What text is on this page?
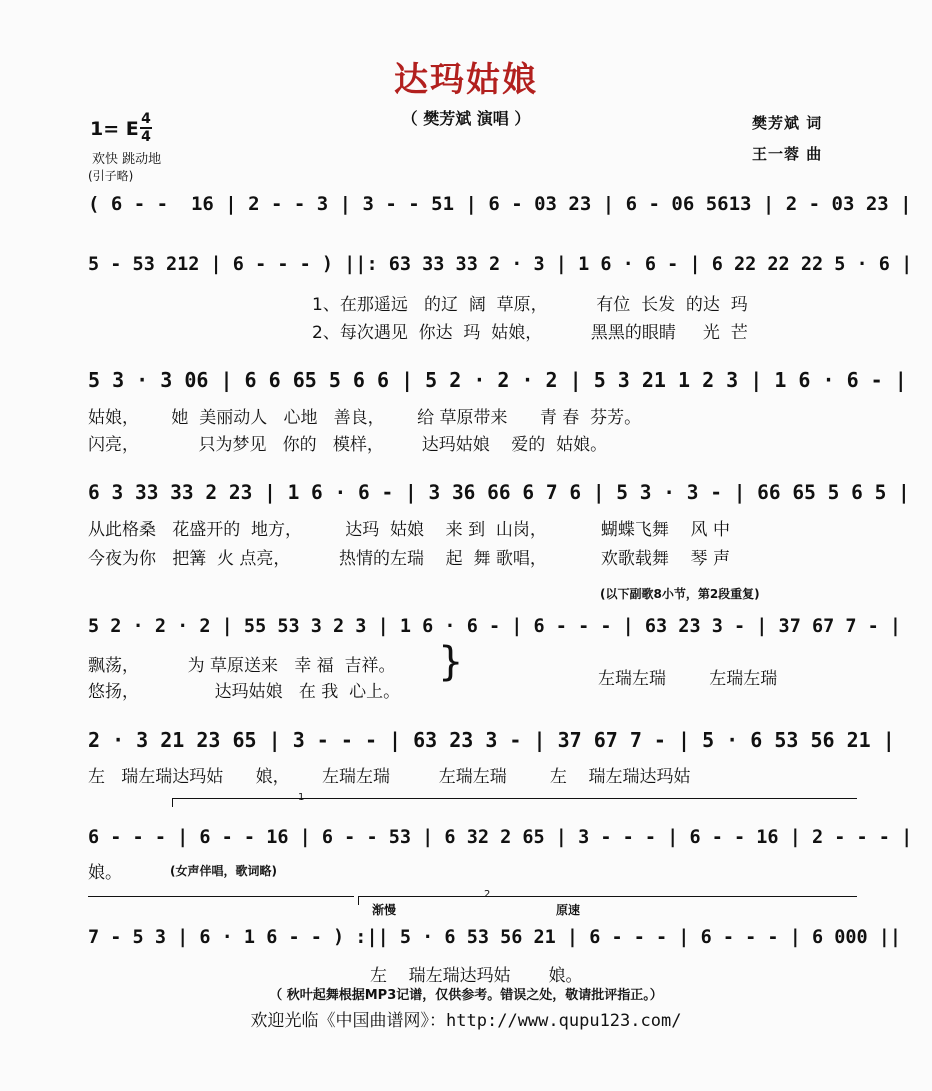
达玛姑娘
（ 樊芳斌 演唱 ）
1= E 4
4
欢快 跳动地
(引子略)
樊芳斌 词
王一蓉 曲
( 6 - -  16 | 2 - - 3 | 3 - - 51 | 6 - 03 23 | 6 - 06 5613 | 2 - 03 23 |
5 - 53 212 | 6 - - - ) ||: 63 33 33 2 · 3 | 1 6 · 6 - | 6 22 22 22 5 · 6 |
1、在那遥远   的辽  阔  草原，         有位  长发  的达  玛
2、每次遇见  你达  玛  姑娘，         黑黑的眼睛     光  芒
5 3 · 3 06 | 6 6 65 5 6 6 | 5 2 · 2 · 2 | 5 3 21 1 2 3 | 1 6 · 6 - |
姑娘，      她  美丽动人   心地   善良，      给 草原带来      青 春  芬芳。
闪亮，           只为梦见   你的   模样，       达玛姑娘    爱的  姑娘。
6 3 33 33 2 23 | 1 6 · 6 - | 3 36 66 6 7 6 | 5 3 · 3 - | 66 65 5 6 5 |
从此格桑   花盛开的  地方，        达玛  姑娘    来 到  山岗，          蝴蝶飞舞    风 中
今夜为你   把篝  火 点亮，         热情的左瑞    起  舞 歌唱，          欢歌载舞    琴 声
(以下副歌8小节，第2段重复)
5 2 · 2 · 2 | 55 53 3 2 3 | 1 6 · 6 - | 6 - - - | 63 23 3 - | 37 67 7 - |
飘荡，         为 草原送来   幸 福  吉祥。
悠扬，              达玛姑娘   在 我  心上。
}	左瑞左瑞        左瑞左瑞
2 · 3 21 23 65 | 3 - - - | 63 23 3 - | 37 67 7 - | 5 · 6 53 56 21 |
左   瑞左瑞达玛姑      娘，      左瑞左瑞         左瑞左瑞        左    瑞左瑞达玛姑
1
6 - - - | 6 - - 16 | 6 - - 53 | 6 32 2 65 | 3 - - - | 6 - - 16 | 2 - - - |
娘。	(女声伴唱，歌词略)
2
渐慢	原速
7 - 5 3 | 6 · 1 6 - - ) :|| 5 · 6 53 56 21 | 6 - - - | 6 - - - | 6 000 ||
左    瑞左瑞达玛姑       娘。
（ 秋叶起舞根据MP3记谱，仅供参考。错误之处，敬请批评指正。）
欢迎光临《中国曲谱网》：http://www.qupu123.com/
